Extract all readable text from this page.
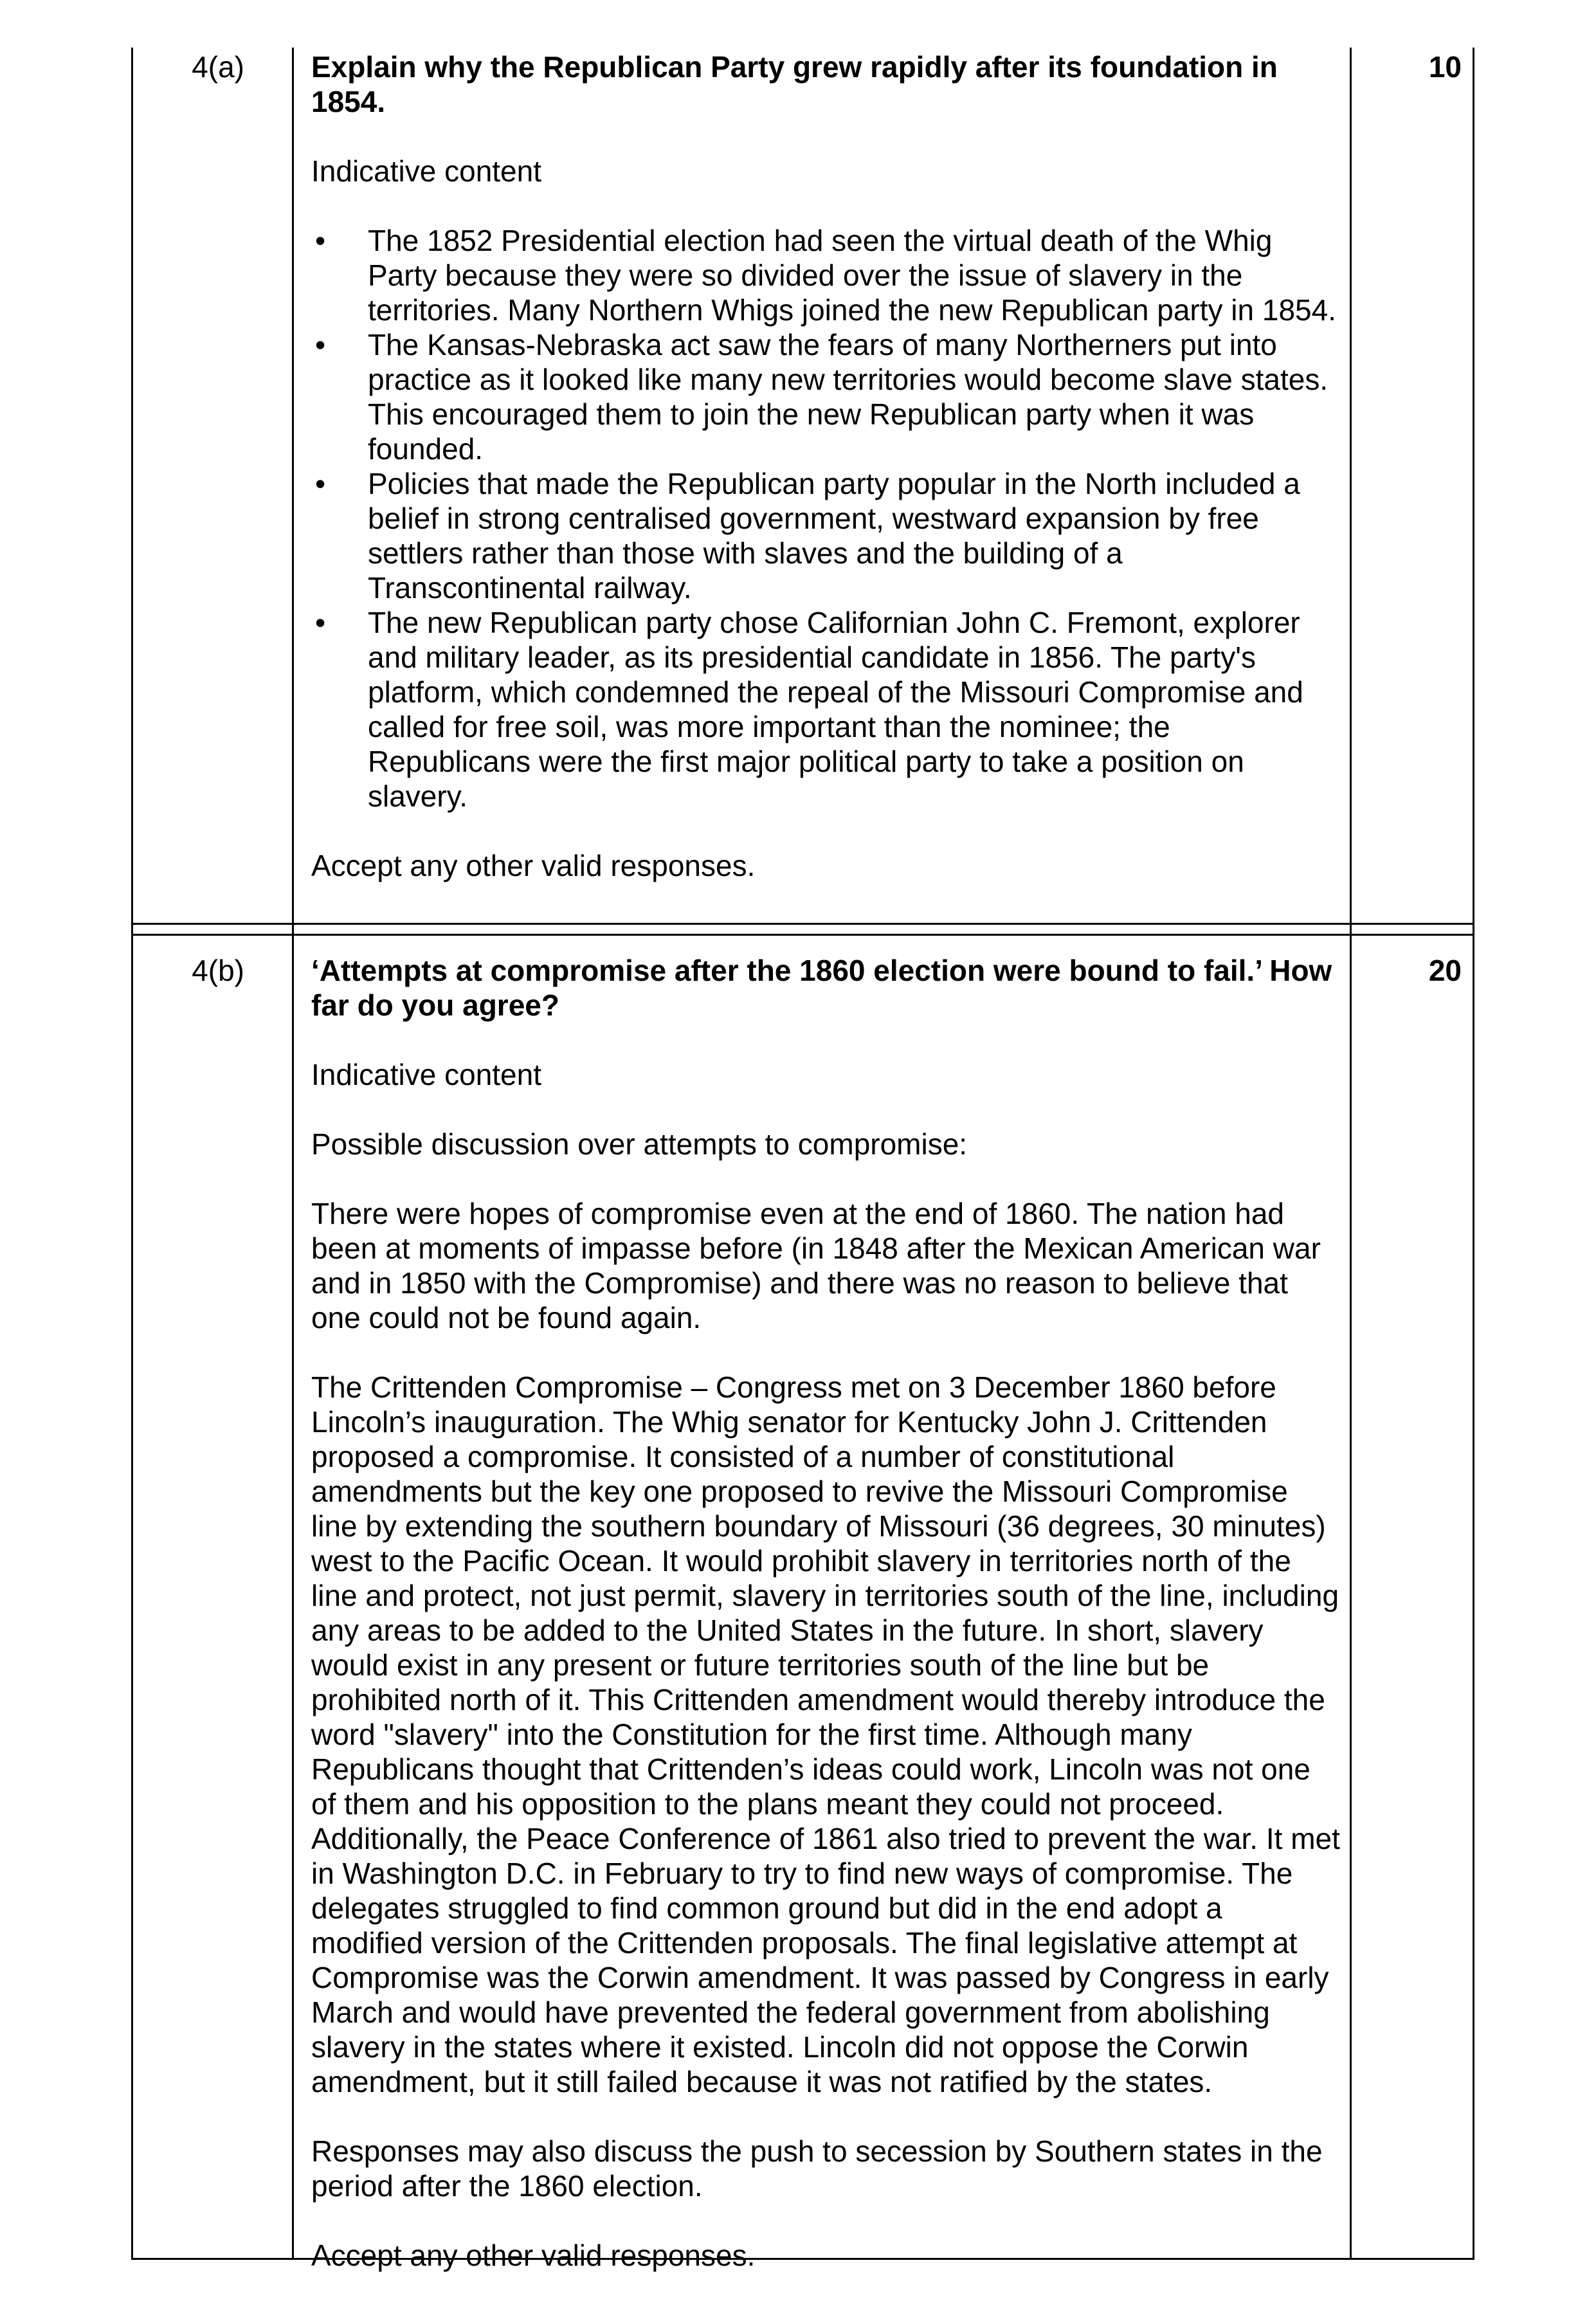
4(a)	10

Explain why the Republican Party grew rapidly after its foundation in 1854.

Indicative content

• The 1852 Presidential election had seen the virtual death of the Whig Party because they were so divided over the issue of slavery in the territories. Many Northern Whigs joined the new Republican party in 1854.
• The Kansas-Nebraska act saw the fears of many Northerners put into practice as it looked like many new territories would become slave states. This encouraged them to join the new Republican party when it was founded.
• Policies that made the Republican party popular in the North included a belief in strong centralised government, westward expansion by free settlers rather than those with slaves and the building of a Transcontinental railway.
• The new Republican party chose Californian John C. Fremont, explorer and military leader, as its presidential candidate in 1856. The party's platform, which condemned the repeal of the Missouri Compromise and called for free soil, was more important than the nominee; the Republicans were the first major political party to take a position on slavery.

Accept any other valid responses.

4(b)	20

‘Attempts at compromise after the 1860 election were bound to fail.’ How far do you agree?

Indicative content

Possible discussion over attempts to compromise:

There were hopes of compromise even at the end of 1860. The nation had been at moments of impasse before (in 1848 after the Mexican American war and in 1850 with the Compromise) and there was no reason to believe that one could not be found again.

The Crittenden Compromise – Congress met on 3 December 1860 before Lincoln’s inauguration. The Whig senator for Kentucky John J. Crittenden proposed a compromise. It consisted of a number of constitutional amendments but the key one proposed to revive the Missouri Compromise line by extending the southern boundary of Missouri (36 degrees, 30 minutes) west to the Pacific Ocean. It would prohibit slavery in territories north of the line and protect, not just permit, slavery in territories south of the line, including any areas to be added to the United States in the future. In short, slavery would exist in any present or future territories south of the line but be prohibited north of it. This Crittenden amendment would thereby introduce the word "slavery" into the Constitution for the first time. Although many Republicans thought that Crittenden’s ideas could work, Lincoln was not one of them and his opposition to the plans meant they could not proceed. Additionally, the Peace Conference of 1861 also tried to prevent the war. It met in Washington D.C. in February to try to find new ways of compromise. The delegates struggled to find common ground but did in the end adopt a modified version of the Crittenden proposals. The final legislative attempt at Compromise was the Corwin amendment. It was passed by Congress in early March and would have prevented the federal government from abolishing slavery in the states where it existed. Lincoln did not oppose the Corwin amendment, but it still failed because it was not ratified by the states.

Responses may also discuss the push to secession by Southern states in the period after the 1860 election.

Accept any other valid responses.
